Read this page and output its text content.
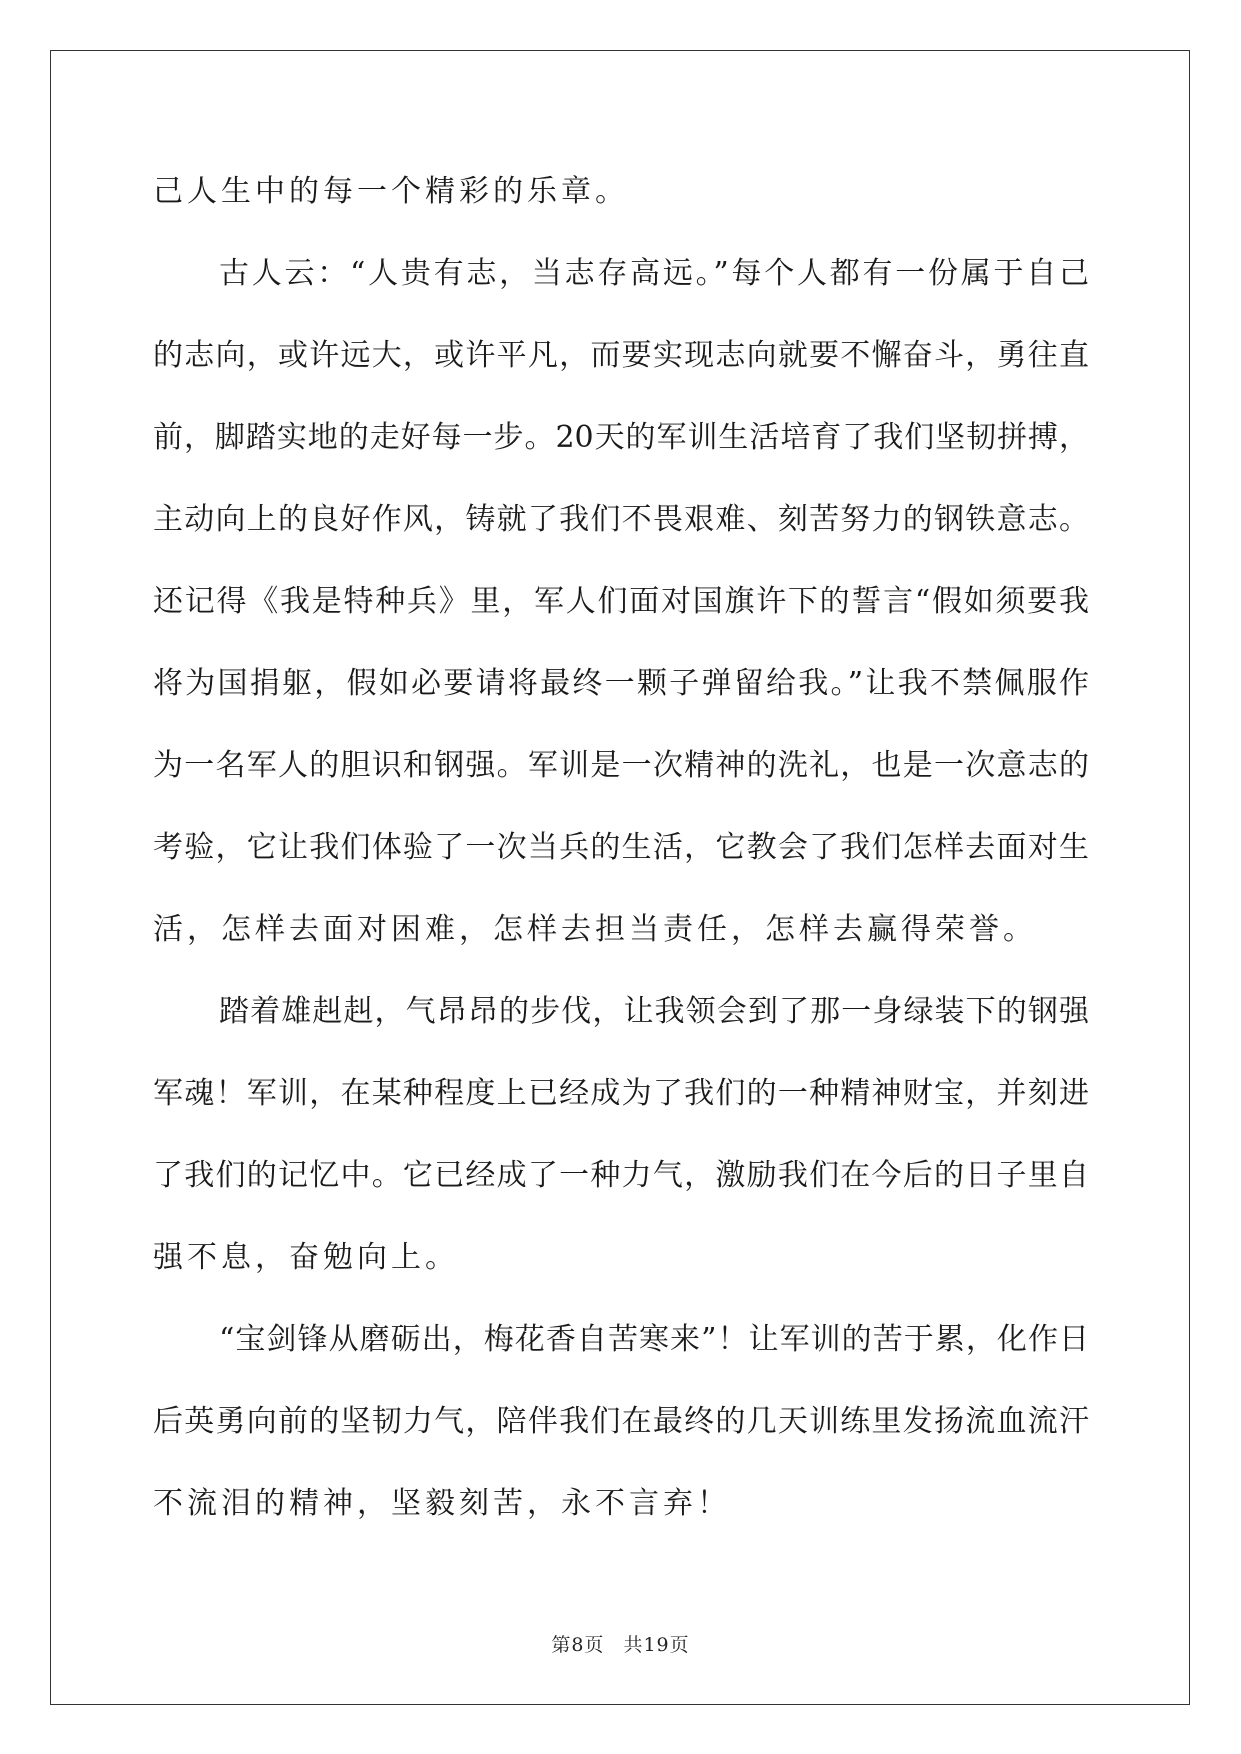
己人生中的每一个精彩的乐章。
古人云：“人贵有志，当志存高远。”每个人都有一份属于自己
的志向，或许远大，或许平凡，而要实现志向就要不懈奋斗，勇往直
前，脚踏实地的走好每一步。20天的军训生活培育了我们坚韧拼搏，
主动向上的良好作风，铸就了我们不畏艰难、刻苦努力的钢铁意志。
还记得《我是特种兵》里，军人们面对国旗许下的誓言“假如须要我
将为国捐躯，假如必要请将最终一颗子弹留给我。”让我不禁佩服作
为一名军人的胆识和钢强。军训是一次精神的洗礼，也是一次意志的
考验，它让我们体验了一次当兵的生活，它教会了我们怎样去面对生
活，怎样去面对困难，怎样去担当责任，怎样去赢得荣誉。
踏着雄赳赳，气昂昂的步伐，让我领会到了那一身绿装下的钢强
军魂！军训，在某种程度上已经成为了我们的一种精神财宝，并刻进
了我们的记忆中。它已经成了一种力气，激励我们在今后的日子里自
强不息，奋勉向上。
“宝剑锋从磨砺出，梅花香自苦寒来”！让军训的苦于累，化作日
后英勇向前的坚韧力气，陪伴我们在最终的几天训练里发扬流血流汗
不流泪的精神，坚毅刻苦，永不言弃！
第8页 共19页
